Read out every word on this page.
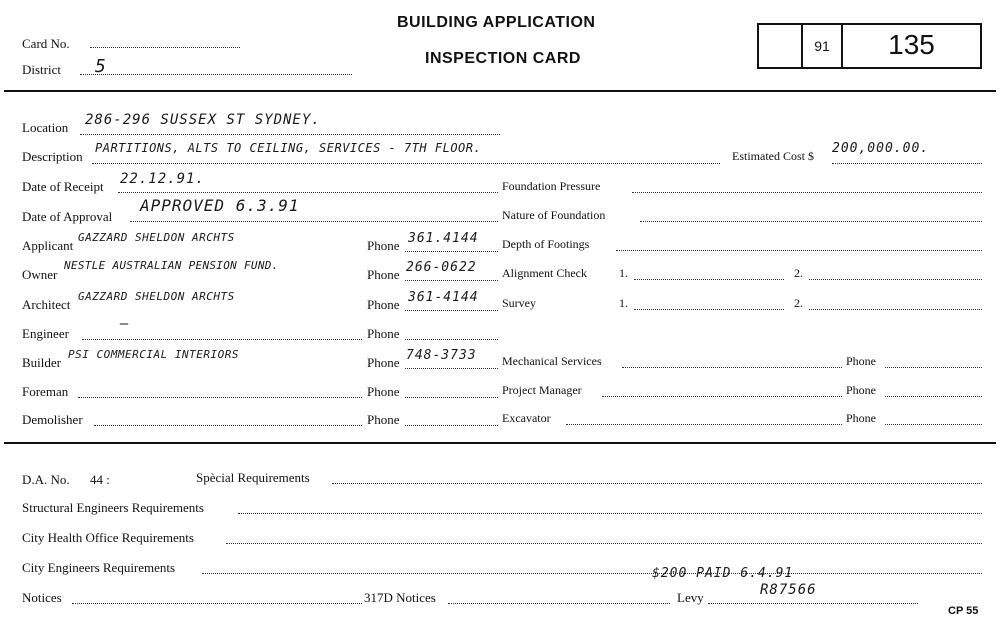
Card No.
District 5
BUILDING APPLICATION
INSPECTION CARD
91	135
Location 286-296 SUSSEX ST SYDNEY.
Description
PARTITIONS, ALTS TO CEILING, SERVICES - 7TH FLOOR.
Estimated Cost $ 200,000.00.
Date of Receipt 22.12.91.	Foundation Pressure
Date of Approval
APPROVED 6.3.91	Nature of Foundation
Applicant
GAZZARD SHELDON ARCHTS
Phone 361.4144 Depth of Footings
Owner
NESTLE AUSTRALIAN PENSION FUND.
Phone 266-0622 Alignment Check	1.	2.
Architect
GAZZARD SHELDON ARCHTS
Phone 361-4144 Survey	1.	2.
Engineer
—
Phone
Builder
PSI COMMERCIAL INTERIORS
Phone 748-3733 Mechanical Services	Phone
Foreman	Phone	Project Manager	Phone
Demolisher	Phone	Excavator	Phone
D.A. No. 44 :	Spècial Requirements
Structural Engineers Requirements
City Health Office Requirements
City Engineers Requirements	$200 PAID 6.4.91
Notices	317D Notices	Levy	R87566
CP 55
